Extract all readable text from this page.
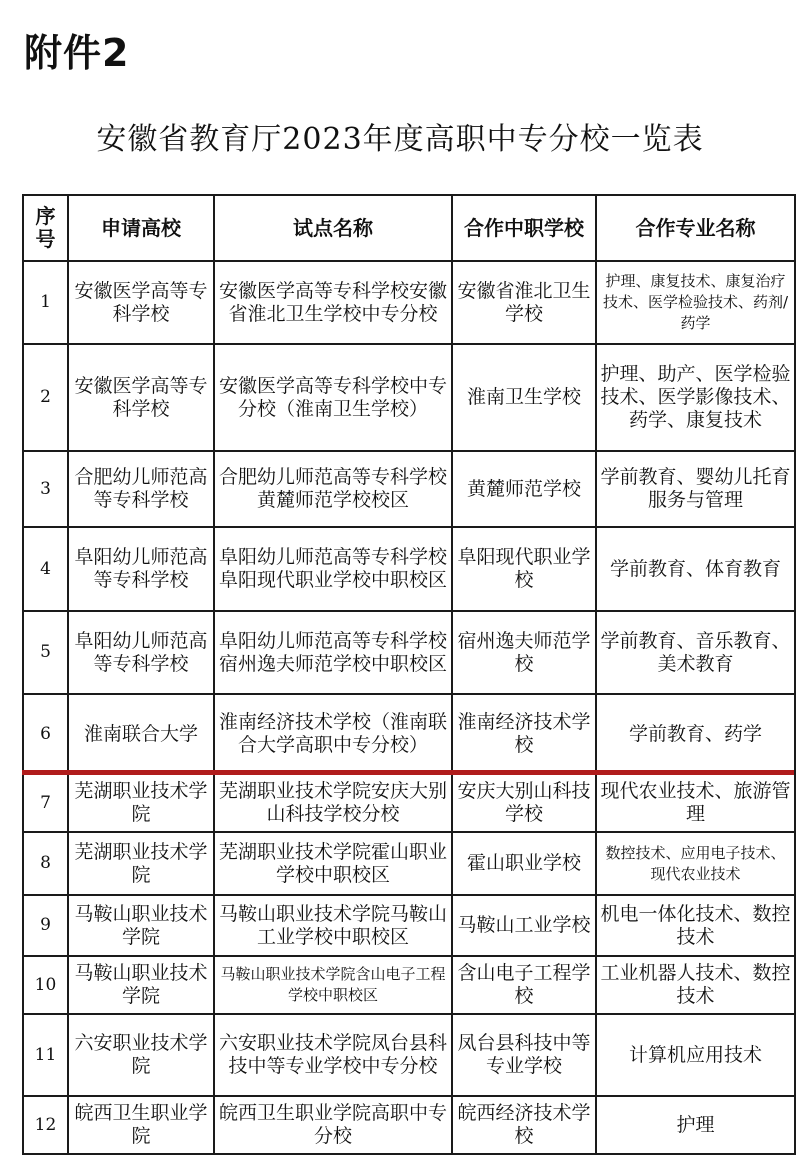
附件2
安徽省教育厅2023年度高职中专分校一览表
序号	申请高校	试点名称	合作中职学校	合作专业名称
1	安徽医学高等专科学校	安徽医学高等专科学校安徽省淮北卫生学校中专分校	安徽省淮北卫生学校	护理、康复技术、康复治疗技术、医学检验技术、药剂/药学
2	安徽医学高等专科学校	安徽医学高等专科学校中专分校（淮南卫生学校）	淮南卫生学校	护理、助产、医学检验技术、医学影像技术、药学、康复技术
3	合肥幼儿师范高等专科学校	合肥幼儿师范高等专科学校黄麓师范学校校区	黄麓师范学校	学前教育、婴幼儿托育服务与管理
4	阜阳幼儿师范高等专科学校	阜阳幼儿师范高等专科学校阜阳现代职业学校中职校区	阜阳现代职业学校	学前教育、体育教育
5	阜阳幼儿师范高等专科学校	阜阳幼儿师范高等专科学校宿州逸夫师范学校中职校区	宿州逸夫师范学校	学前教育、音乐教育、美术教育
6	淮南联合大学	淮南经济技术学校（淮南联合大学高职中专分校）	淮南经济技术学校	学前教育、药学
7	芜湖职业技术学院	芜湖职业技术学院安庆大别山科技学校分校	安庆大别山科技学校	现代农业技术、旅游管理
8	芜湖职业技术学院	芜湖职业技术学院霍山职业学校中职校区	霍山职业学校	数控技术、应用电子技术、现代农业技术
9	马鞍山职业技术学院	马鞍山职业技术学院马鞍山工业学校中职校区	马鞍山工业学校	机电一体化技术、数控技术
10	马鞍山职业技术学院	马鞍山职业技术学院含山电子工程学校中职校区	含山电子工程学校	工业机器人技术、数控技术
11	六安职业技术学院	六安职业技术学院凤台县科技中等专业学校中专分校	凤台县科技中等专业学校	计算机应用技术
12	皖西卫生职业学院	皖西卫生职业学院高职中专分校	皖西经济技术学校	护理
